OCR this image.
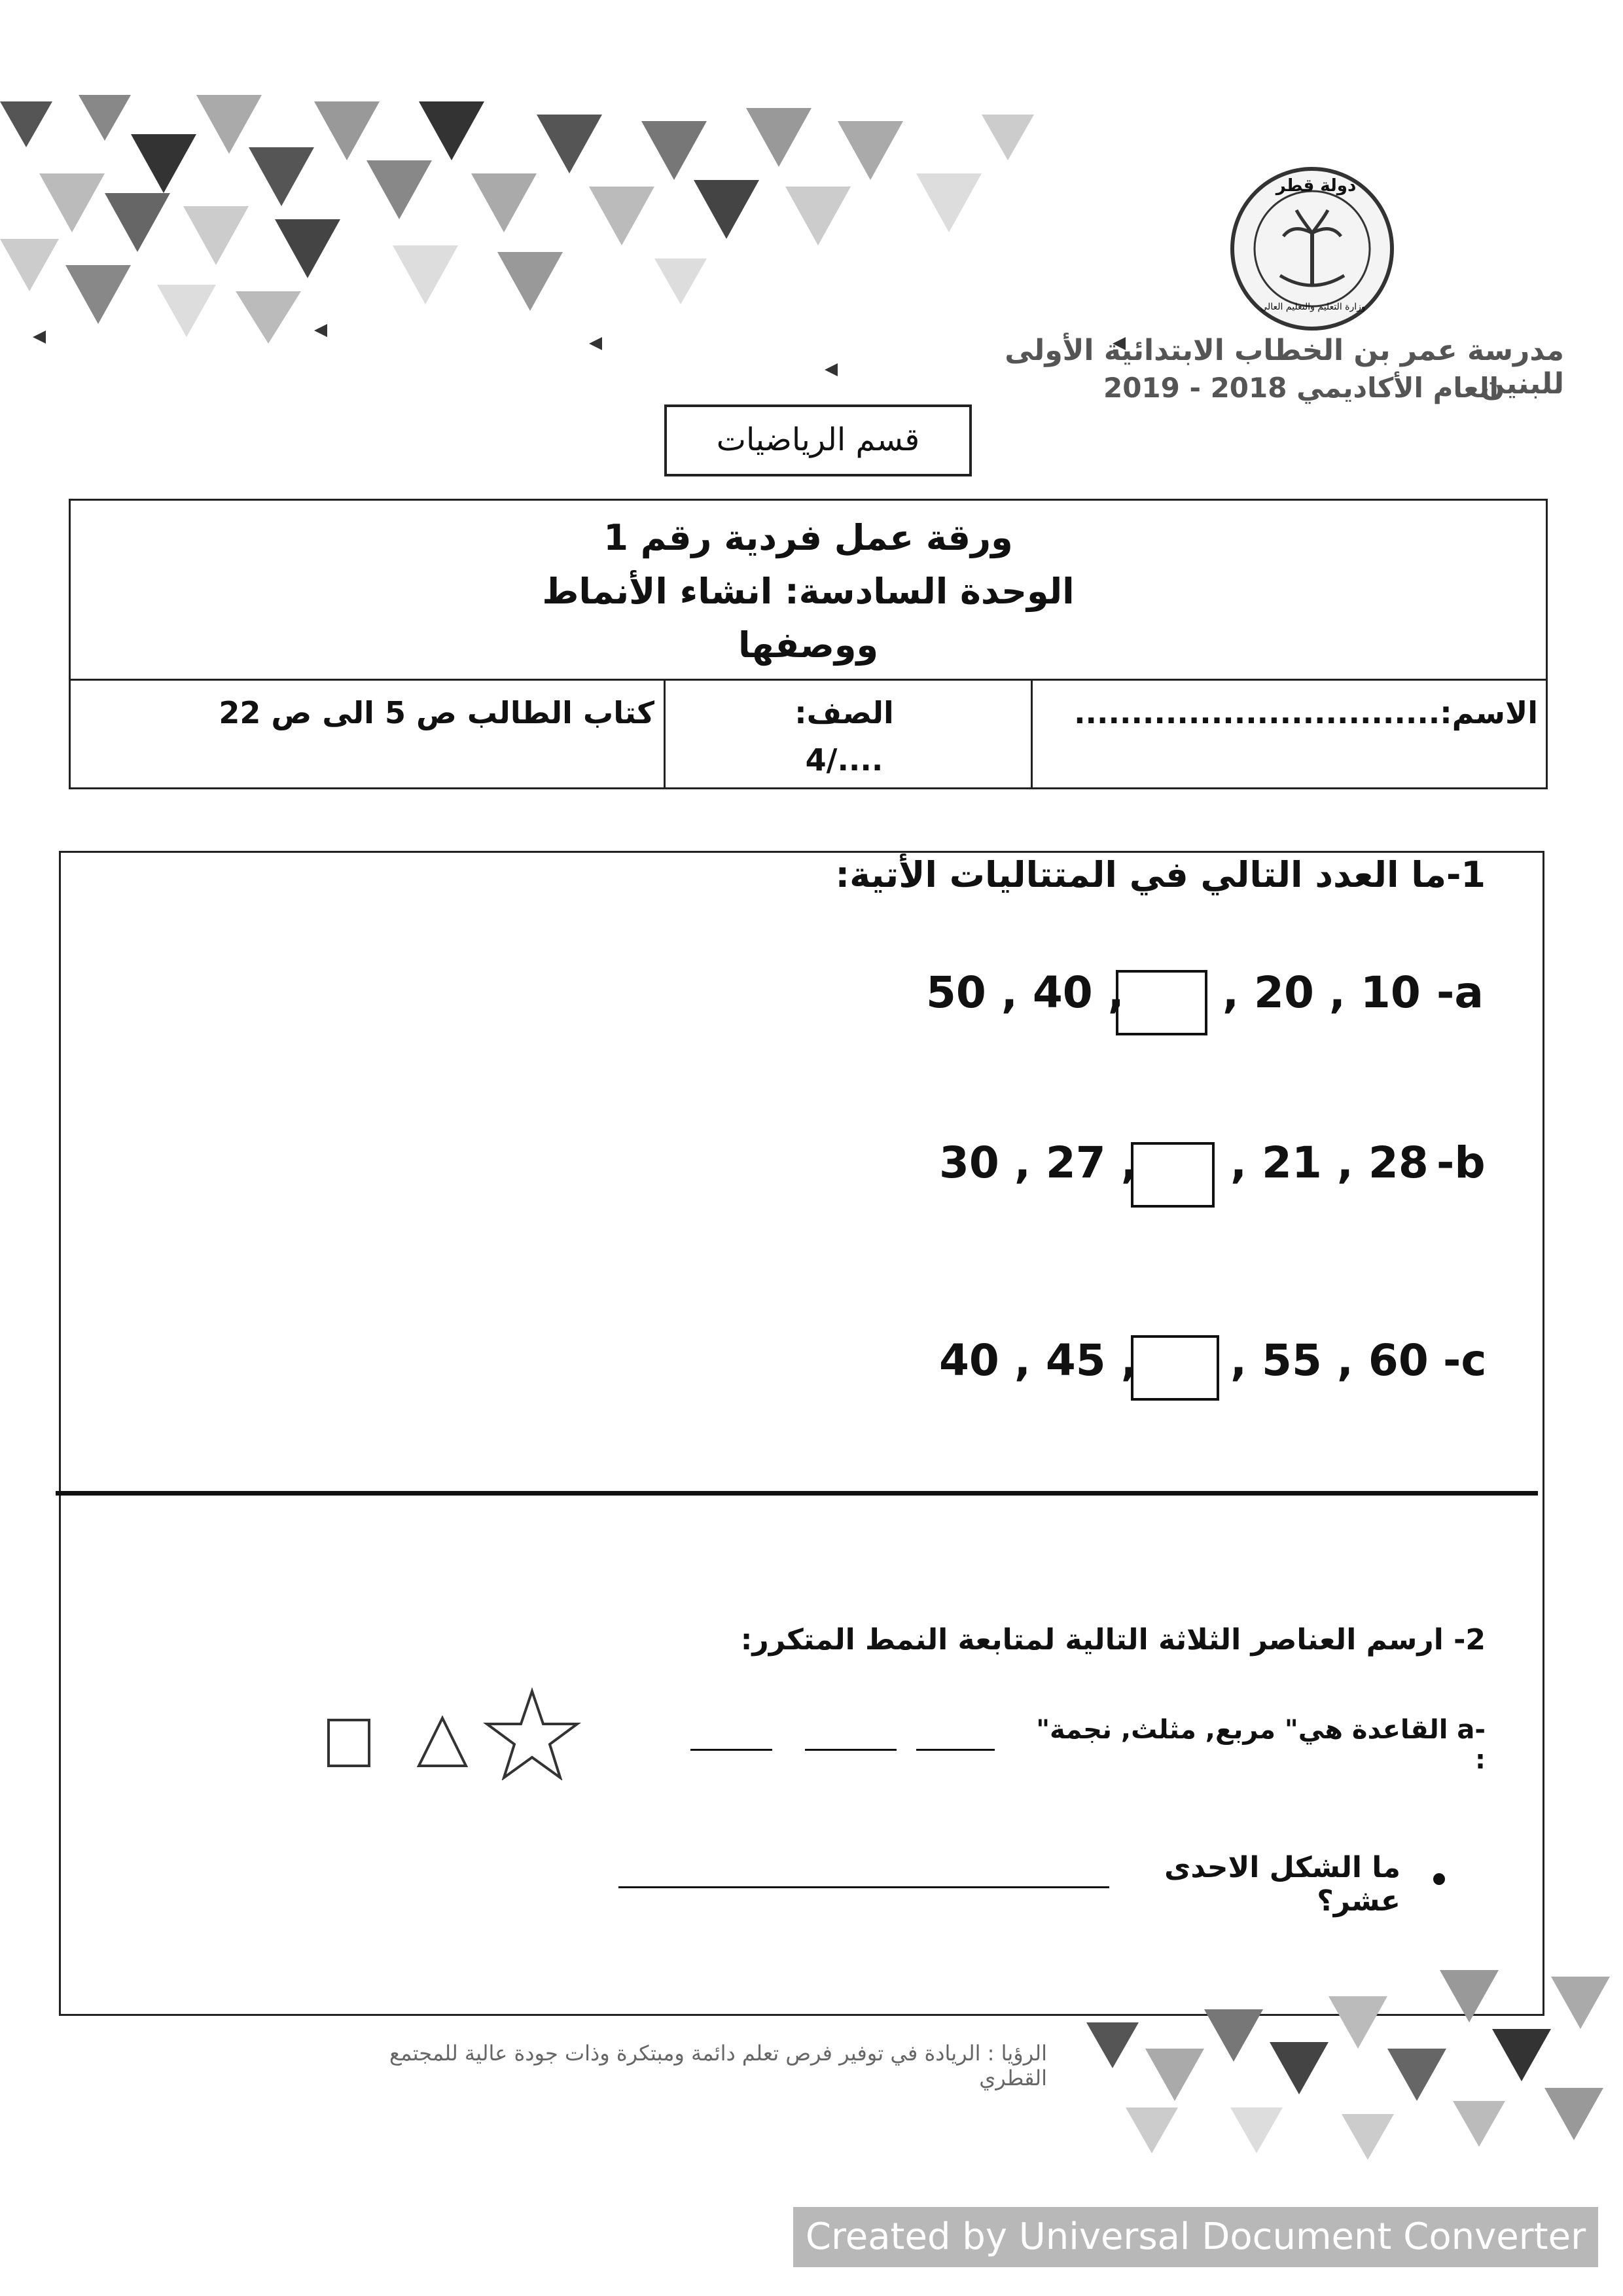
دولة قطر
وزارة التعليم والتعليم العالي
مدرسة عمر بن الخطاب الابتدائية الأولى للبنين
العام الأكاديمي 2018 - 2019
قسم الرياضيات
ورقة عمل فردية رقم 1
الوحدة السادسة: انشاء الأنماط
ووصفها
الاسم:................................
الصف:
4/....
كتاب الطالب ص 5 الى ص 22
1-ما العدد التالي في المتتاليات الأتية:
-a
, 20 , 10
50 , 40 ,
-b
, 21 , 28
30 , 27 ,
-c
, 55 , 60
40 , 45 ,
2- ارسم العناصر الثلاثة التالية لمتابعة النمط المتكرر:
-a القاعدة هي" مربع, مثلث, نجمة" :
ما الشكل الاحدى عشر؟
الرؤيا : الريادة في توفير فرص تعلم دائمة ومبتكرة وذات جودة عالية للمجتمع القطري
Created by Universal Document Converter
